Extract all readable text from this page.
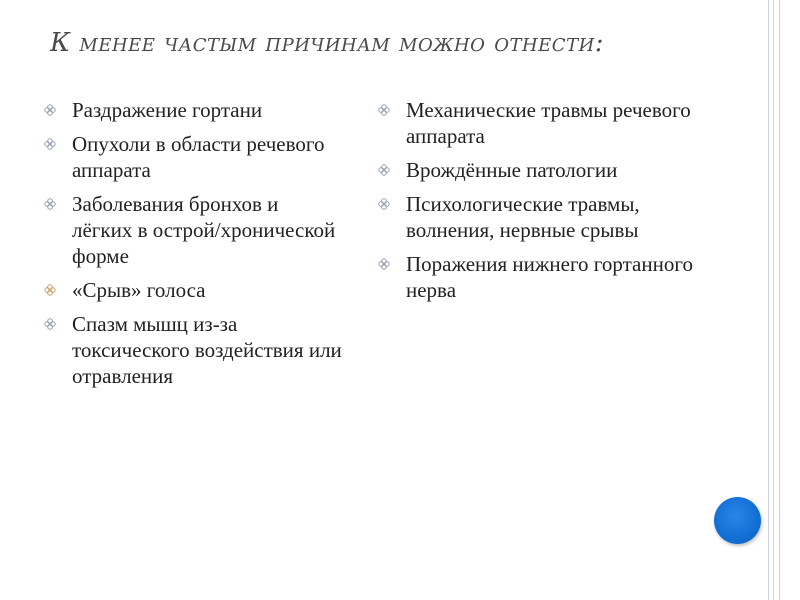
К менее частым причинам можно отнести:
Раздражение гортани
Опухоли в области речевого аппарата
Заболевания бронхов и лёгких в острой/хронической форме
«Срыв» голоса
Спазм мышц из-за токсического воздействия или отравления
Механические травмы речевого аппарата
Врождённые патологии
Психологические травмы, волнения, нервные срывы
Поражения нижнего гортанного нерва
